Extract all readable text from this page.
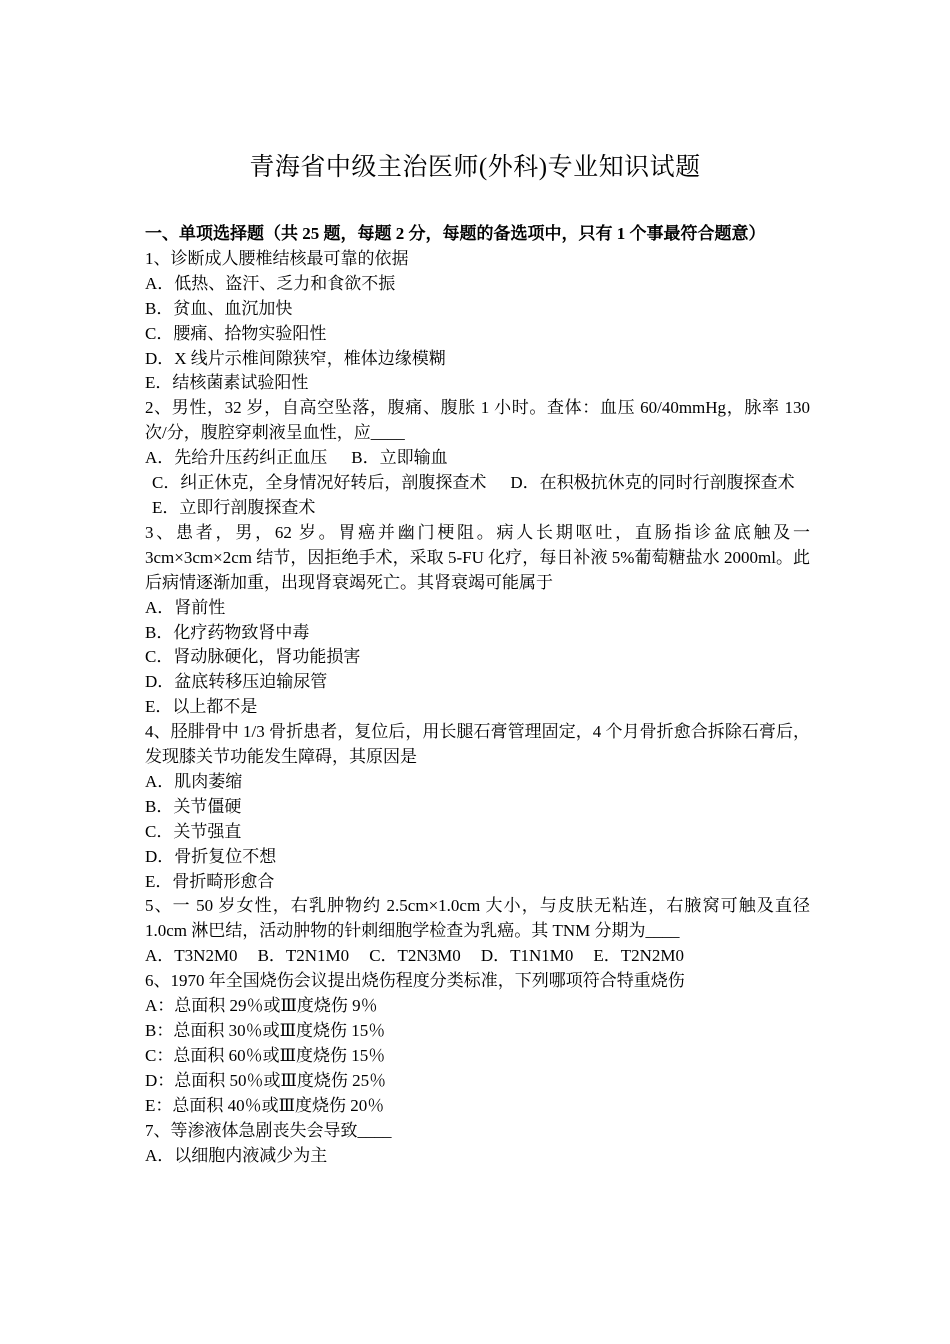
青海省中级主治医师(外科)专业知识试题
一、单项选择题（共 25 题，每题 2 分，每题的备选项中，只有 1 个事最符合题意）
1、诊断成人腰椎结核最可靠的依据
A．低热、盗汗、乏力和食欲不振
B．贫血、血沉加快
C．腰痛、拾物实验阳性
D．X 线片示椎间隙狭窄，椎体边缘模糊
E．结核菌素试验阳性
2、男性，32 岁，自高空坠落，腹痛、腹胀 1 小时。查体：血压 60/40mmHg，脉率 130 次/分，腹腔穿刺液呈血性，应____
A．先给升压药纠正血压 B．立即输血
C．纠正休克，全身情况好转后，剖腹探查术 D．在积极抗休克的同时行剖腹探查术
E．立即行剖腹探查术
3、患者，男，62 岁。胃癌并幽门梗阻。病人长期呕吐，直肠指诊盆底触及一 3cm×3cm×2cm 结节，因拒绝手术，采取 5-FU 化疗，每日补液 5%葡萄糖盐水 2000ml。此后病情逐渐加重，出现肾衰竭死亡。其肾衰竭可能属于
A．肾前性
B．化疗药物致肾中毒
C．肾动脉硬化，肾功能损害
D．盆底转移压迫输尿管
E．以上都不是
4、胫腓骨中 1/3 骨折患者，复位后，用长腿石膏管理固定，4 个月骨折愈合拆除石膏后，发现膝关节功能发生障碍，其原因是
A．肌肉萎缩
B．关节僵硬
C．关节强直
D．骨折复位不想
E．骨折畸形愈合
5、一 50 岁女性，右乳肿物约 2.5cm×1.0cm 大小，与皮肤无粘连，右腋窝可触及直径 1.0cm 淋巴结，活动肿物的针刺细胞学检查为乳癌。其 TNM 分期为____
A．T3N2M0 B．T2N1M0 C．T2N3M0 D．T1N1M0 E．T2N2M0
6、1970 年全国烧伤会议提出烧伤程度分类标准，下列哪项符合特重烧伤
A：总面积 29％或Ⅲ度烧伤 9％
B：总面积 30％或Ⅲ度烧伤 15％
C：总面积 60％或Ⅲ度烧伤 15％
D：总面积 50％或Ⅲ度烧伤 25％
E：总面积 40％或Ⅲ度烧伤 20％
7、等渗液体急剧丧失会导致____
A．以细胞内液减少为主
